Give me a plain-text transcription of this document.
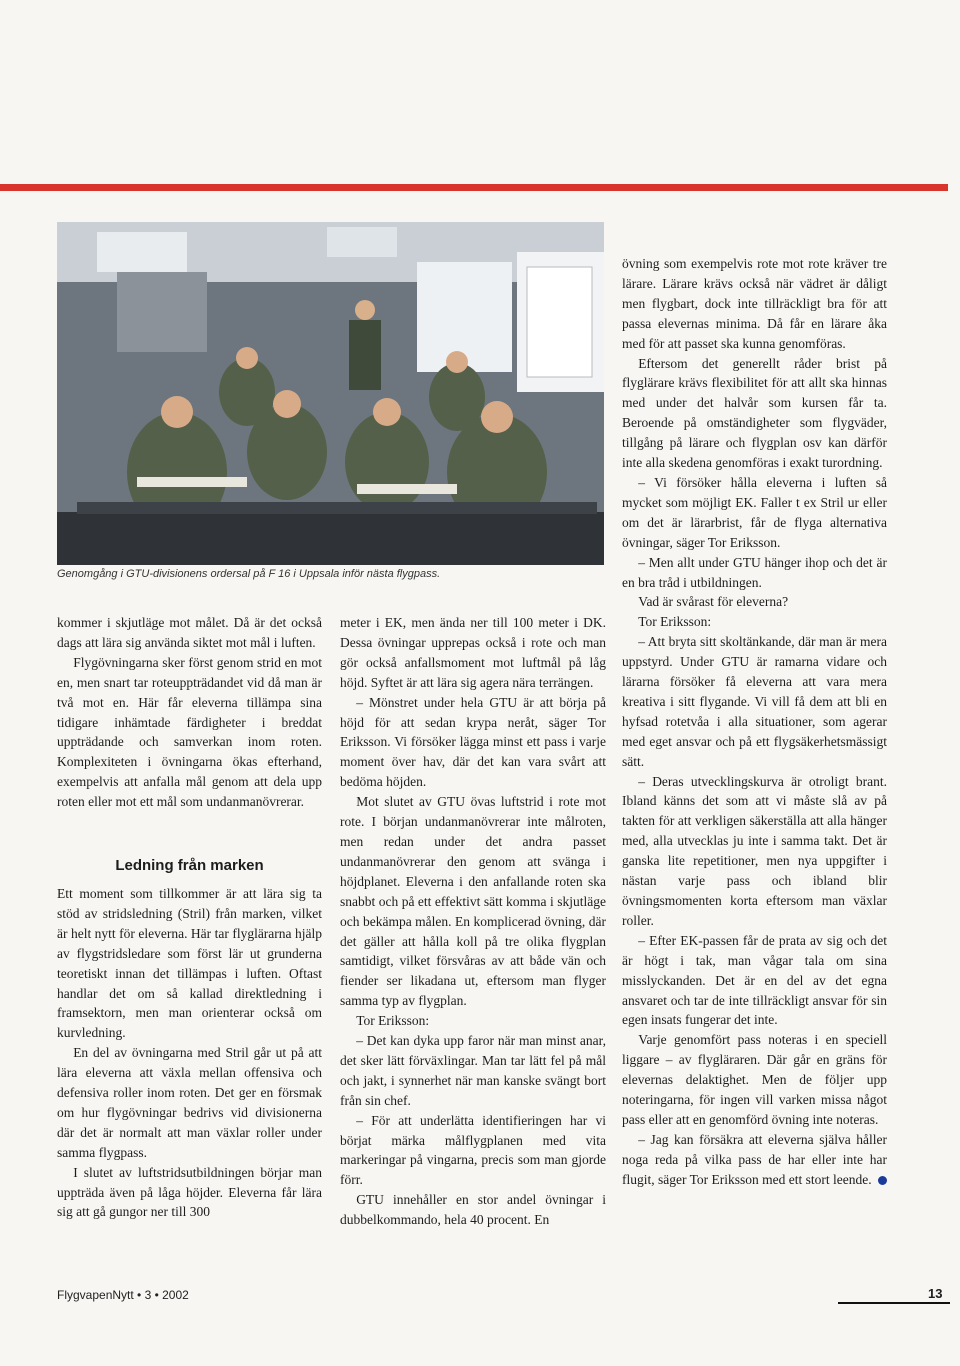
Genomgång i GTU-divisionens ordersal på F 16 i Uppsala inför nästa flygpass.

kommer i skjutläge mot målet. Då är det också dags att lära sig använda siktet mot mål i luften.

Flygövningarna sker först genom strid en mot en, men snart tar roteuppträdandet vid då man är två mot en. Här får eleverna tillämpa sina tidigare inhämtade färdigheter i breddat uppträdande och samverkan inom roten. Komplexiteten i övningarna ökas efterhand, exempelvis att anfalla mål genom att dela upp roten eller mot ett mål som undanmanövrerar.

Ledning från marken

Ett moment som tillkommer är att lära sig ta stöd av stridsledning (Stril) från marken, vilket är helt nytt för eleverna. Här tar flyglärarna hjälp av flygstridsledare som först lär ut grunderna teoretiskt innan det tillämpas i luften. Oftast handlar det om så kallad direktledning i framsektorn, men man orienterar också om kurvledning.

En del av övningarna med Stril går ut på att lära eleverna att växla mellan offensiva och defensiva roller inom roten. Det ger en försmak om hur flygövningar bedrivs vid divisionerna där det är normalt att man växlar roller under samma flygpass.

I slutet av luftstridsutbildningen börjar man uppträda även på låga höjder. Eleverna får lära sig att gå gungor ner till 300

meter i EK, men ända ner till 100 meter i DK. Dessa övningar upprepas också i rote och man gör också anfallsmoment mot luftmål på låg höjd. Syftet är att lära sig agera nära terrängen.

– Mönstret under hela GTU är att börja på höjd för att sedan krypa neråt, säger Tor Eriksson. Vi försöker lägga minst ett pass i varje moment över hav, där det kan vara svårt att bedöma höjden.

Mot slutet av GTU övas luftstrid i rote mot rote. I början undanmanövrerar inte målroten, men redan under det andra passet undanmanövrerar den genom att svänga i höjdplanet. Eleverna i den anfallande roten ska snabbt och på ett effektivt sätt komma i skjutläge och bekämpa målen. En komplicerad övning, där det gäller att hålla koll på tre olika flygplan samtidigt, vilket försvåras av att både vän och fiender ser likadana ut, eftersom man flyger samma typ av flygplan.

Tor Eriksson:

– Det kan dyka upp faror när man minst anar, det sker lätt förväxlingar. Man tar lätt fel på mål och jakt, i synnerhet när man kanske svängt bort från sin chef.

– För att underlätta identifieringen har vi börjat märka målflygplanen med vita markeringar på vingarna, precis som man gjorde förr.

GTU innehåller en stor andel övningar i dubbelkommando, hela 40 procent. En

övning som exempelvis rote mot rote kräver tre lärare. Lärare krävs också när vädret är dåligt men flygbart, dock inte tillräckligt bra för att passa elevernas minima. Då får en lärare åka med för att passet ska kunna genomföras.

Eftersom det generellt råder brist på flyglärare krävs flexibilitet för att allt ska hinnas med under det halvår som kursen får ta. Beroende på omständigheter som flygväder, tillgång på lärare och flygplan osv kan därför inte alla skedena genomföras i exakt turordning.

– Vi försöker hålla eleverna i luften så mycket som möjligt EK. Faller t ex Stril ur eller om det är lärarbrist, får de flyga alternativa övningar, säger Tor Eriksson.

– Men allt under GTU hänger ihop och det är en bra tråd i utbildningen.

Vad är svårast för eleverna?

Tor Eriksson:

– Att bryta sitt skoltänkande, där man är mera uppstyrd. Under GTU är ramarna vidare och lärarna försöker få eleverna att vara mera kreativa i sitt flygande. Vi vill få dem att bli en hyfsad rotetvåa i alla situationer, som agerar med eget ansvar och på ett flygsäkerhetsmässigt sätt.

– Deras utvecklingskurva är otroligt brant. Ibland känns det som att vi måste slå av på takten för att verkligen säkerställa att alla hänger med, alla utvecklas ju inte i samma takt. Det är ganska lite repetitioner, men nya uppgifter i nästan varje pass och ibland blir övningsmomenten korta eftersom man växlar roller.

– Efter EK-passen får de prata av sig och det är högt i tak, man vågar tala om sina misslyckanden. Det är en del av det egna ansvaret och tar de inte tillräckligt ansvar för sin egen insats fungerar det inte.

Varje genomfört pass noteras i en speciell liggare – av flygläraren. Där går en gräns för elevernas delaktighet. Men de följer upp noteringarna, för ingen vill varken missa något pass eller att en genomförd övning inte noteras.

– Jag kan försäkra att eleverna själva håller noga reda på vilka pass de har eller inte har flugit, säger Tor Eriksson med ett stort leende.

FlygvapenNytt • 3 • 2002	13
